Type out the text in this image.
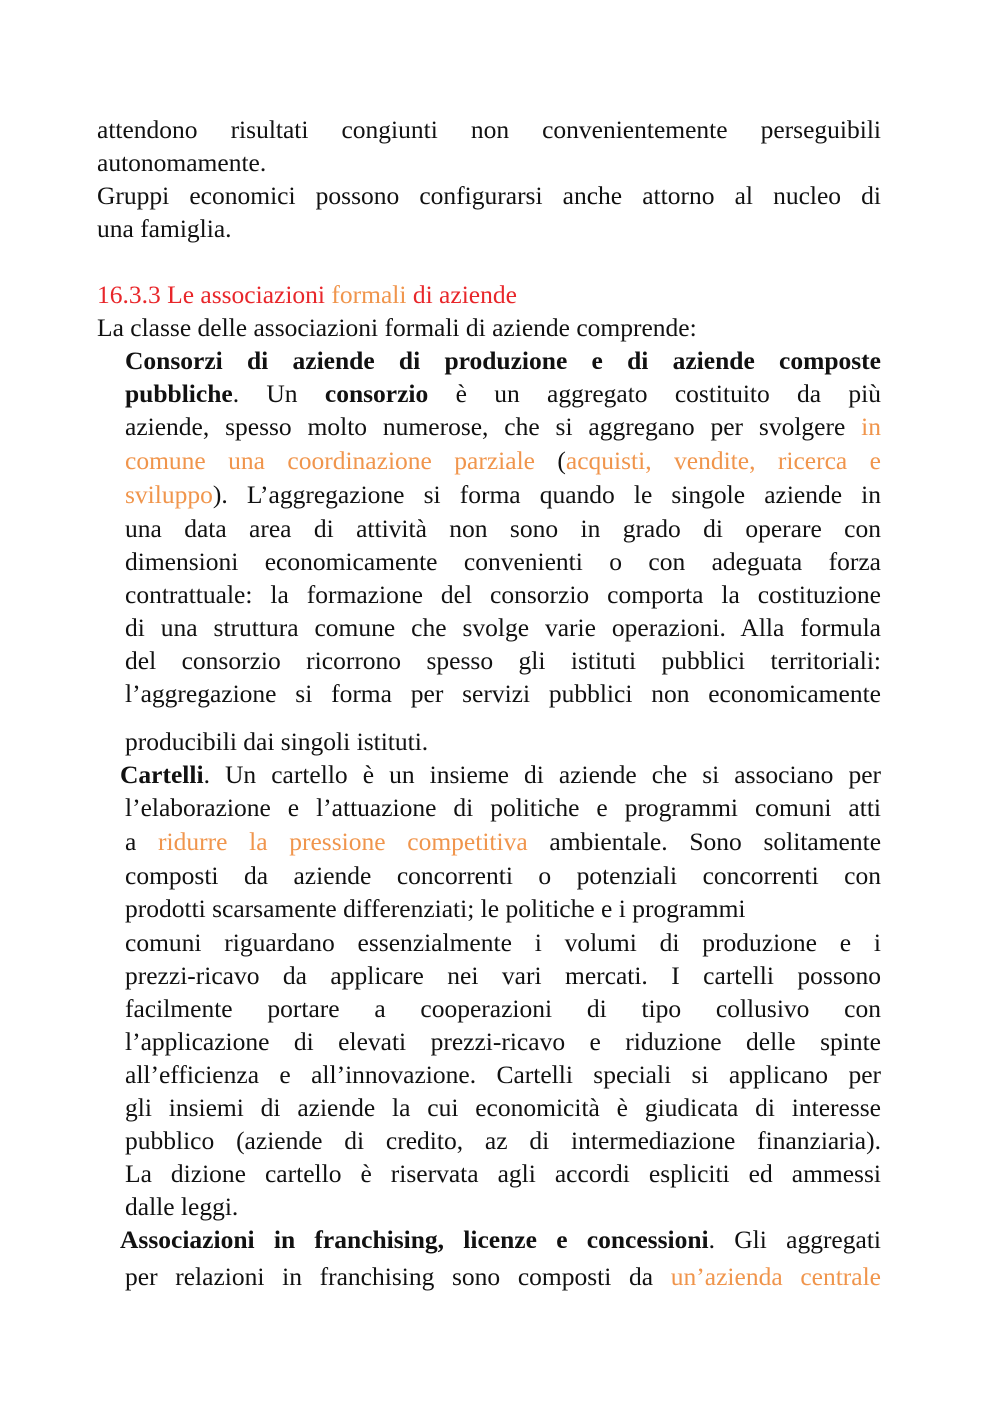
attendono risultati congiunti non convenientemente perseguibili
autonomamente.
Gruppi economici possono configurarsi anche attorno al nucleo di
una famiglia.
16.3.3 Le associazioni formali di aziende
La classe delle associazioni formali di aziende comprende:
Consorzi di aziende di produzione e di aziende composte
pubbliche. Un consorzio è un aggregato costituito da più
aziende, spesso molto numerose, che si aggregano per svolgere in
comune una coordinazione parziale (acquisti, vendite, ricerca e
sviluppo). L’aggregazione si forma quando le singole aziende in
una data area di attività non sono in grado di operare con
dimensioni economicamente convenienti o con adeguata forza
contrattuale: la formazione del consorzio comporta la costituzione
di una struttura comune che svolge varie operazioni. Alla formula
del consorzio ricorrono spesso gli istituti pubblici territoriali:
l’aggregazione si forma per servizi pubblici non economicamente
producibili dai singoli istituti.
Cartelli. Un cartello è un insieme di aziende che si associano per
l’elaborazione e l’attuazione di politiche e programmi comuni atti
a ridurre la pressione competitiva ambientale. Sono solitamente
composti da aziende concorrenti o potenziali concorrenti con
prodotti scarsamente differenziati; le politiche e i programmi
comuni riguardano essenzialmente i volumi di produzione e i
prezzi-ricavo da applicare nei vari mercati. I cartelli possono
facilmente portare a cooperazioni di tipo collusivo con
l’applicazione di elevati prezzi-ricavo e riduzione delle spinte
all’efficienza e all’innovazione. Cartelli speciali si applicano per
gli insiemi di aziende la cui economicità è giudicata di interesse
pubblico (aziende di credito, az di intermediazione finanziaria).
La dizione cartello è riservata agli accordi espliciti ed ammessi
dalle leggi.
Associazioni in franchising, licenze e concessioni. Gli aggregati
per relazioni in franchising sono composti da un’azienda centrale
